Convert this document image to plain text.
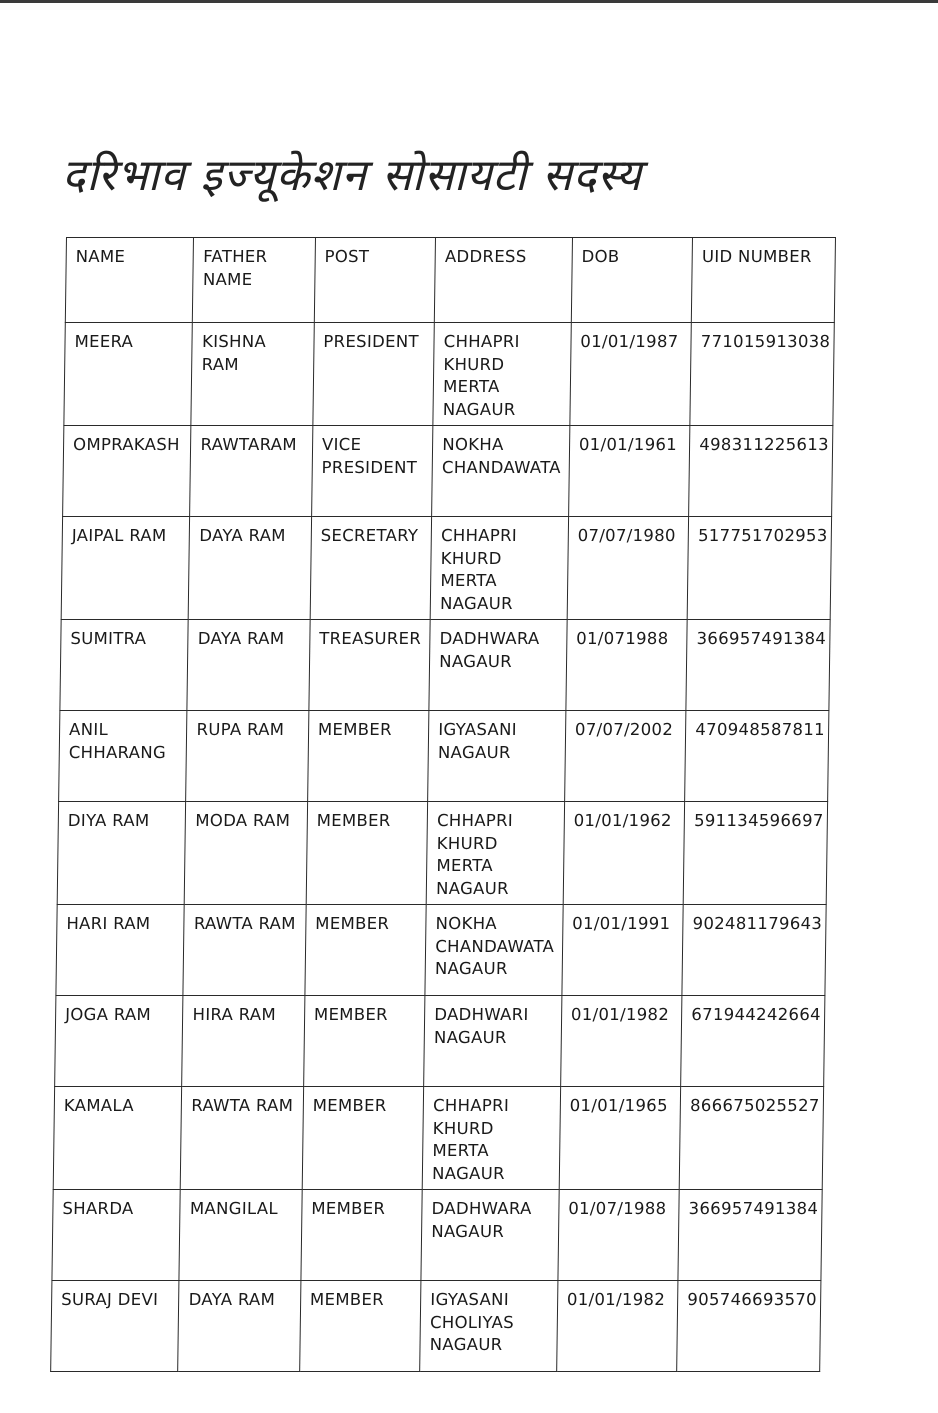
दरिभाव इज्यूकेशन सोसायटी सदस्य
NAME	FATHER NAME	POST	ADDRESS	DOB	UID NUMBER
MEERA	KISHNA RAM	PRESIDENT	CHHAPRI
KHURD
MERTA
NAGAUR	01/01/1987	771015913038
OMPRAKASH	RAWTARAM	VICE PRESIDENT	NOKHA
CHANDAWATA	01/01/1961	498311225613
JAIPAL RAM	DAYA RAM	SECRETARY	CHHAPRI
KHURD
MERTA
NAGAUR	07/07/1980	517751702953
SUMITRA	DAYA RAM	TREASURER	DADHWARA
NAGAUR	01/071988	366957491384
ANIL CHHARANG	RUPA RAM	MEMBER	IGYASANI
NAGAUR	07/07/2002	470948587811
DIYA RAM	MODA RAM	MEMBER	CHHAPRI
KHURD
MERTA
NAGAUR	01/01/1962	591134596697
HARI RAM	RAWTA RAM	MEMBER	NOKHA
CHANDAWATA
NAGAUR	01/01/1991	902481179643
JOGA RAM	HIRA RAM	MEMBER	DADHWARI
NAGAUR	01/01/1982	671944242664
KAMALA	RAWTA RAM	MEMBER	CHHAPRI
KHURD
MERTA
NAGAUR	01/01/1965	866675025527
SHARDA	MANGILAL	MEMBER	DADHWARA
NAGAUR	01/07/1988	366957491384
SURAJ DEVI	DAYA RAM	MEMBER	IGYASANI
CHOLIYAS
NAGAUR	01/01/1982	905746693570
